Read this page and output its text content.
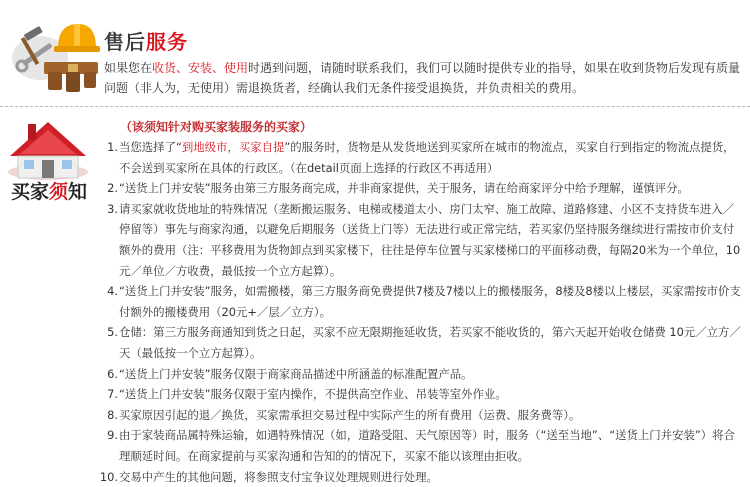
售后服务

如果您在收货、安装、使用时遇到问题，请随时联系我们，我们可以随时提供专业的指导，如果在收到货物后发现有质量问题（非人为，无使用）需退换货者，经确认我们无条件接受退换货，并负责相关的费用。

买家须知
（该须知针对购买家装服务的买家）
1. 当您选择了“到地级市，买家自提”的服务时，货物是从发货地送到买家所在城市的物流点，买家自行到指定的物流点提货，不会送到买家所在具体的行政区。（在detail页面上选择的行政区不再适用）
2. “送货上门并安装”服务由第三方服务商完成，并非商家提供，关于服务，请在给商家评分中给予理解，谨慎评分。
3. 请买家就收货地址的特殊情况（垄断搬运服务、电梯或楼道太小、房门太窄、施工故障、道路修建、小区不支持货车进入／停留等）事先与商家沟通，以避免后期服务（送货上门等）无法进行或正常完结，若买家仍坚持服务继续进行需按市价支付额外的费用（注：平移费用为货物卸点到买家楼下，往往是停车位置与买家楼梯口的平面移动费，每隔20米为一个单位，10元／单位／方收费，最低按一个立方起算）。
4. “送货上门并安装”服务，如需搬楼，第三方服务商免费提供7楼及7楼以上的搬楼服务，8楼及8楼以上楼层，买家需按市价支付额外的搬楼费用（20元+／层／立方）。
5. 仓储：第三方服务商通知到货之日起，买家不应无限期拖延收货，若买家不能收货的，第六天起开始收仓储费 10元／立方／天（最低按一个立方起算）。
6. “送货上门并安装”服务仅限于商家商品描述中所涵盖的标准配置产品。
7. “送货上门并安装”服务仅限于室内操作，不提供高空作业、吊装等室外作业。
8. 买家原因引起的退／换货，买家需承担交易过程中实际产生的所有费用（运费、服务费等）。
9. 由于家装商品属特殊运输，如遇特殊情况（如，道路受阻、天气原因等）时，服务（“送至当地”、“送货上门并安装”）将合理顺延时间。在商家提前与买家沟通和告知的的情况下，买家不能以该理由拒收。
10. 交易中产生的其他问题，将参照支付宝争议处理规则进行处理。
